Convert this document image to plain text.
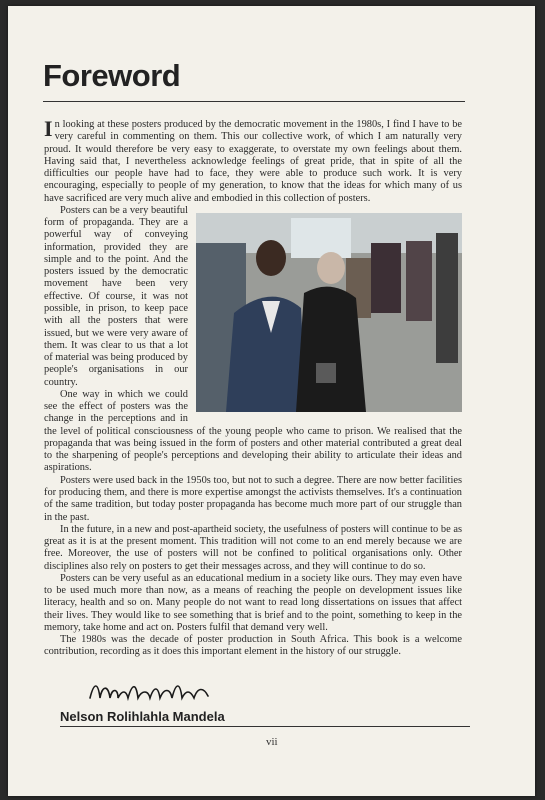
Foreword

In looking at these posters produced by the democratic movement in the 1980s, I find I have to be very careful in commenting on them. This our collective work, of which I am naturally very proud. It would therefore be very easy to exaggerate, to overstate my own feelings about them. Having said that, I nevertheless acknowledge feelings of great pride, that in spite of all the difficulties our people have had to face, they were able to produce such work. It is very encouraging, especially to people of my generation, to know that the ideas for which many of us have sacrificed are very much alive and embodied in this collection of posters.

Posters can be a very beautiful form of propaganda. They are a powerful way of conveying information, provided they are simple and to the point. And the posters issued by the democratic movement have been very effective. Of course, it was not possible, in prison, to keep pace with all the posters that were issued, but we were very aware of them. It was clear to us that a lot of material was being produced by people's organisations in our country.

One way in which we could see the effect of posters was the change in the perceptions and in the level of political consciousness of the young people who came to prison. We realised that the propaganda that was being issued in the form of posters and other material contributed a great deal to the sharpening of people's perceptions and developing their ability to articulate their ideas and aspirations.

Posters were used back in the 1950s too, but not to such a degree. There are now better facilities for producing them, and there is more expertise amongst the activists themselves. It's a continuation of the same tradition, but today poster propaganda has become much more part of our struggle than in the past.

In the future, in a new and post-apartheid society, the usefulness of posters will continue to be as great as it is at the present moment. This tradition will not come to an end merely because we are free. Moreover, the use of posters will not be confined to political organisations only. Other disciplines also rely on posters to get their messages across, and they will continue to do so.

Posters can be very useful as an educational medium in a society like ours. They may even have to be used much more than now, as a means of reaching the people on development issues like literacy, health and so on. Many people do not want to read long dissertations on issues that affect their lives. They would like to see something that is brief and to the point, something to keep in the memory, take home and act on. Posters fulfil that demand very well.

The 1980s was the decade of poster production in South Africa. This book is a welcome contribution, recording as it does this important element in the history of our struggle.

Nelson Rolihlahla Mandela

vii
